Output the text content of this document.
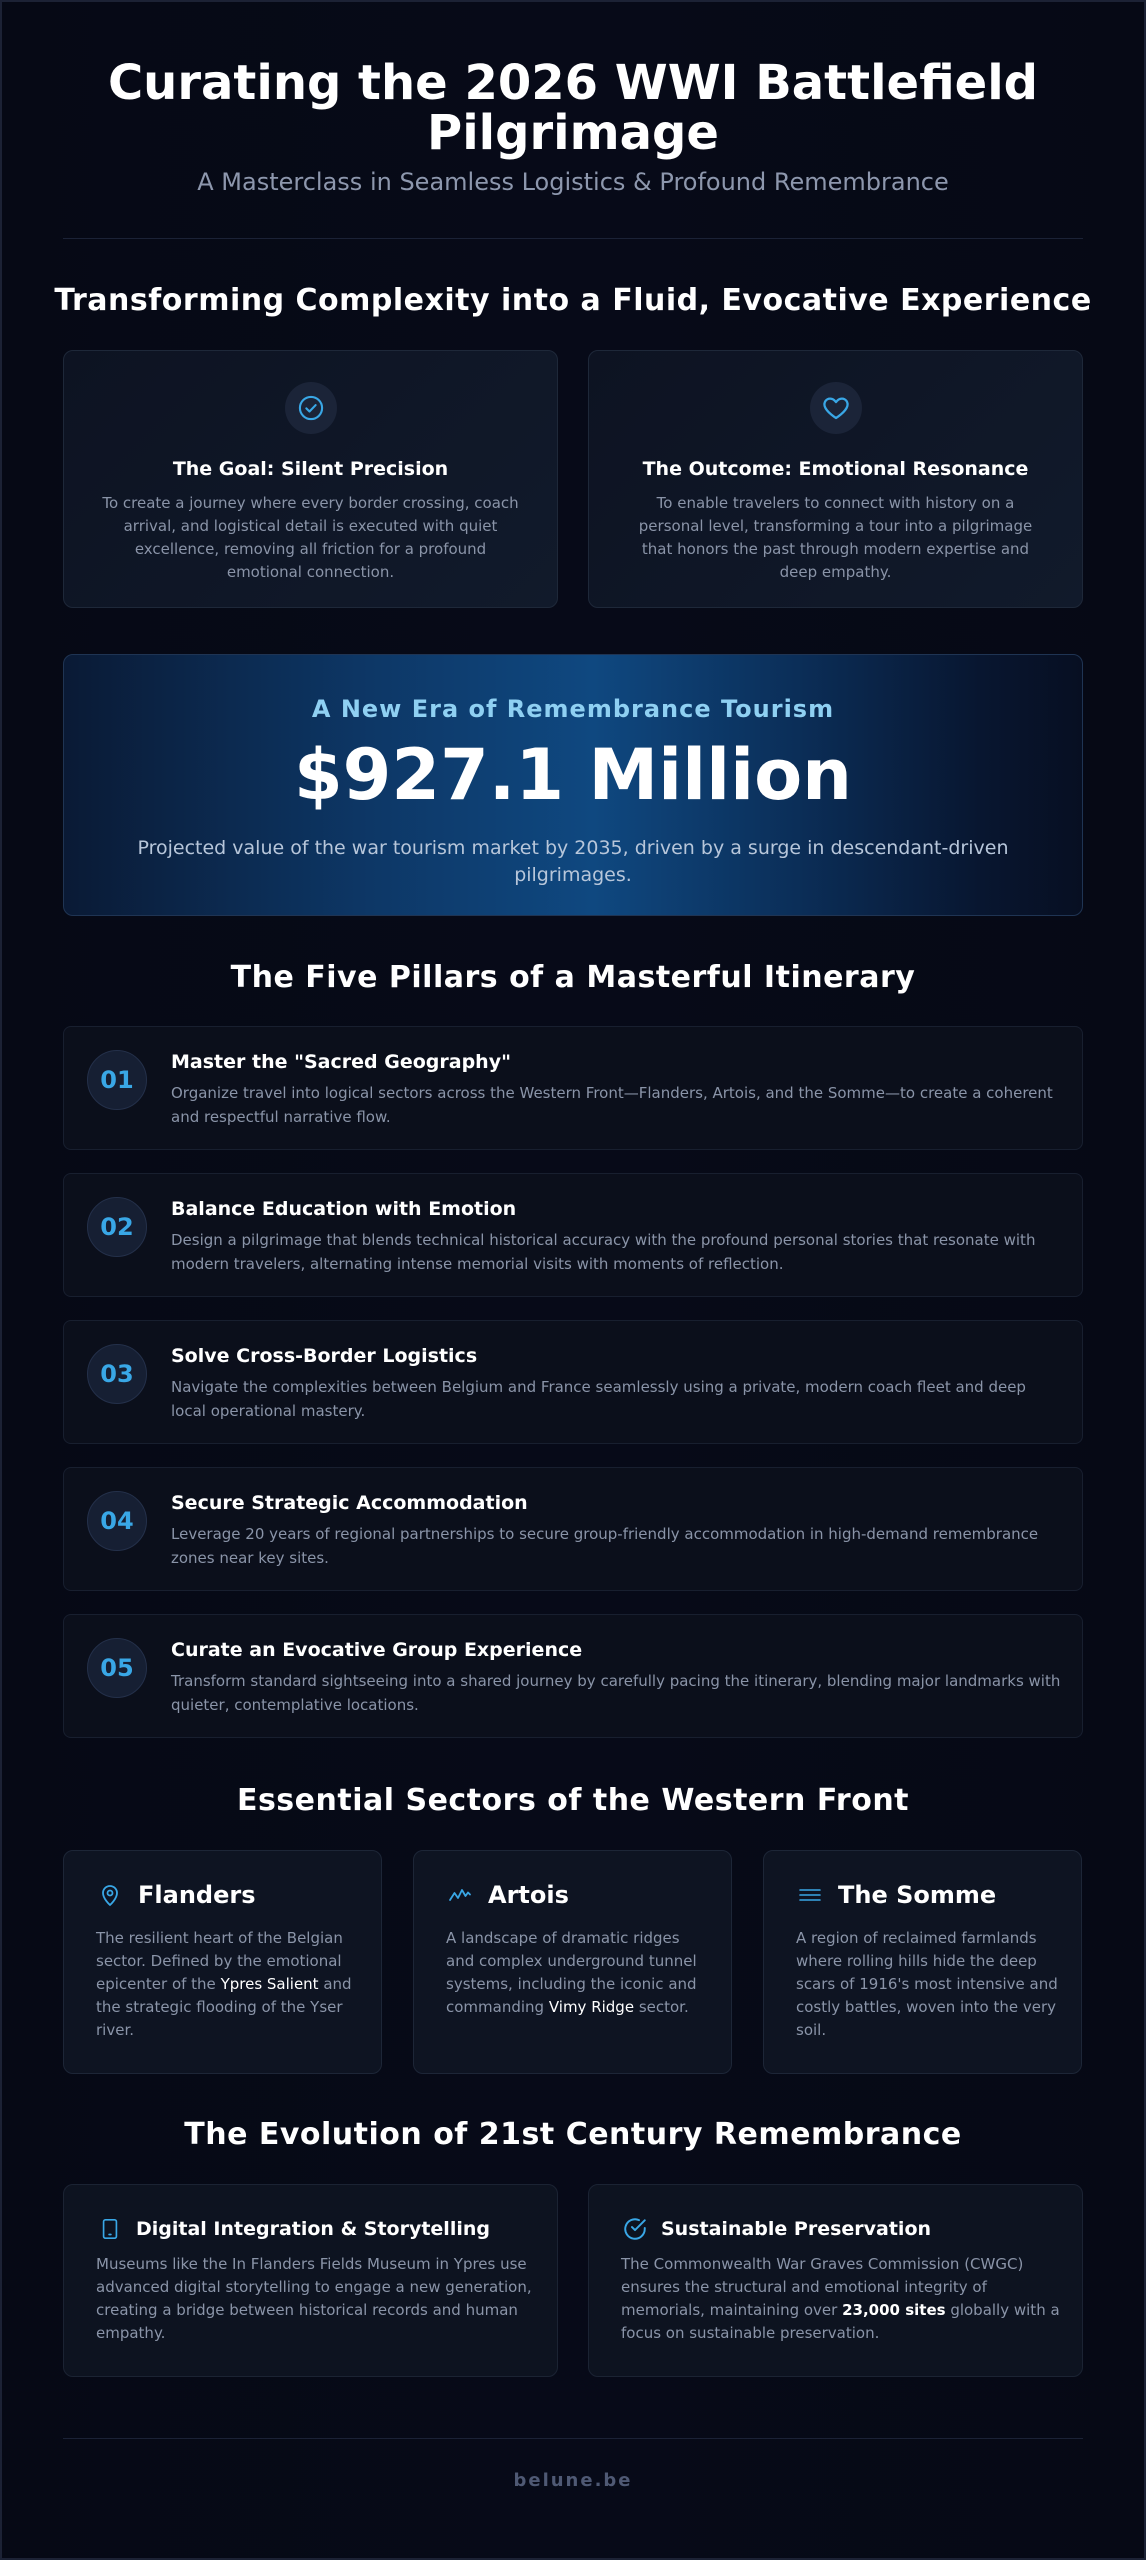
Curating the 2026 WWI Battlefield Pilgrimage
A Masterclass in Seamless Logistics & Profound Remembrance
Transforming Complexity into a Fluid, Evocative Experience
The Goal: Silent Precision

To create a journey where every border crossing, coach arrival, and logistical detail is executed with quiet excellence, removing all friction for a profound emotional connection.

The Outcome: Emotional Resonance

To enable travelers to connect with history on a personal level, transforming a tour into a pilgrimage that honors the past through modern expertise and deep empathy.

A New Era of Remembrance Tourism
$927.1 Million
Projected value of the war tourism market by 2035, driven by a surge in descendant-driven pilgrimages.
The Five Pillars of a Masterful Itinerary
01
Master the "Sacred Geography"

Organize travel into logical sectors across the Western Front—Flanders, Artois, and the Somme—to create a coherent and respectful narrative flow.

02
Balance Education with Emotion

Design a pilgrimage that blends technical historical accuracy with the profound personal stories that resonate with modern travelers, alternating intense memorial visits with moments of reflection.

03
Solve Cross-Border Logistics

Navigate the complexities between Belgium and France seamlessly using a private, modern coach fleet and deep local operational mastery.

04
Secure Strategic Accommodation

Leverage 20 years of regional partnerships to secure group-friendly accommodation in high-demand remembrance zones near key sites.

05
Curate an Evocative Group Experience

Transform standard sightseeing into a shared journey by carefully pacing the itinerary, blending major landmarks with quieter, contemplative locations.

Essential Sectors of the Western Front
Flanders

The resilient heart of the Belgian sector. Defined by the emotional epicenter of the Ypres Salient and the strategic flooding of the Yser river.

Artois

A landscape of dramatic ridges and complex underground tunnel systems, including the iconic and commanding Vimy Ridge sector.

The Somme

A region of reclaimed farmlands where rolling hills hide the deep scars of 1916's most intensive and costly battles, woven into the very soil.

The Evolution of 21st Century Remembrance
Digital Integration & Storytelling

Museums like the In Flanders Fields Museum in Ypres use advanced digital storytelling to engage a new generation, creating a bridge between historical records and human empathy.

Sustainable Preservation

The Commonwealth War Graves Commission (CWGC) ensures the structural and emotional integrity of memorials, maintaining over 23,000 sites globally with a focus on sustainable preservation.

belune.be
